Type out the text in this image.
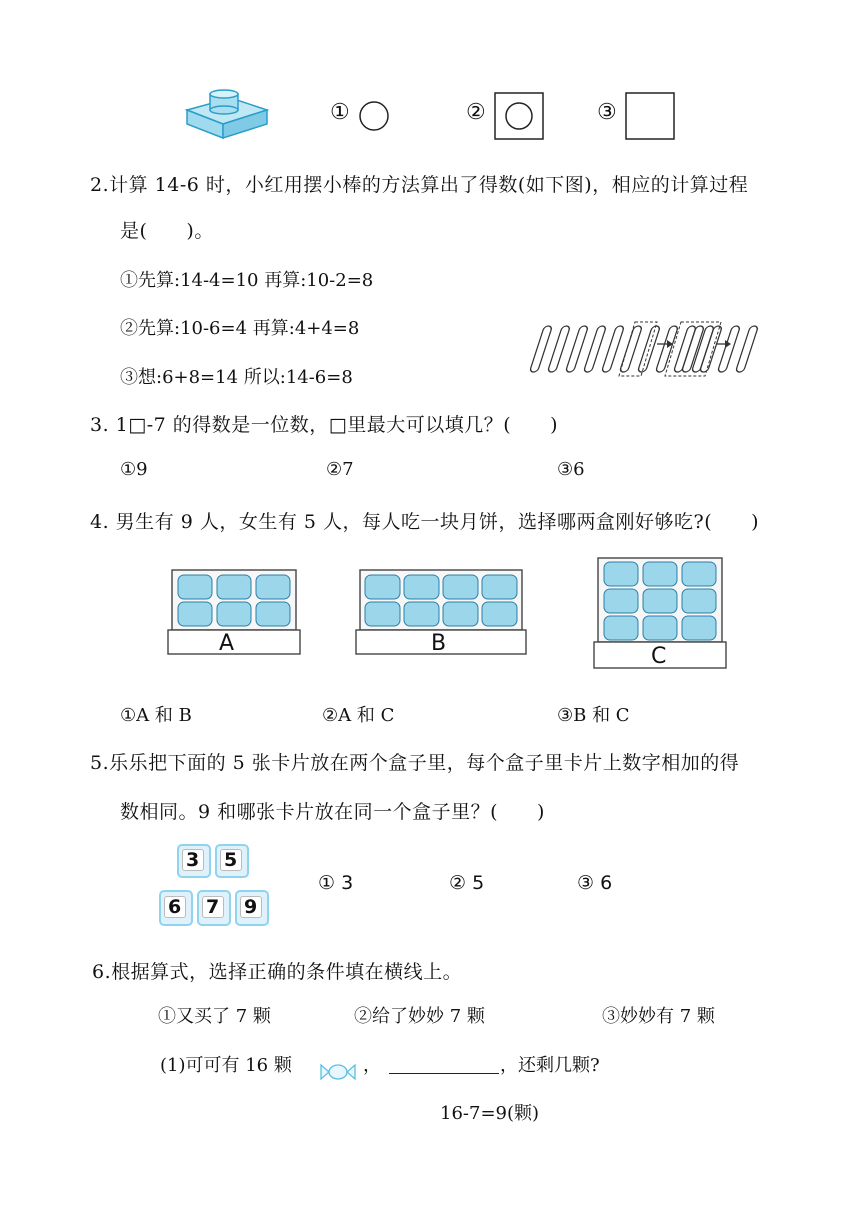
①	②	③
2.计算 14-6 时，小红用摆小棒的方法算出了得数(如下图)，相应的计算过程
是(　　)。
①先算:14-4=10 再算:10-2=8
②先算:10-6=4 再算:4+4=8
③想:6+8=14 所以:14-6=8
3. 1□-7 的得数是一位数，□里最大可以填几？(　　)
①9	②7	③6
4. 男生有 9 人，女生有 5 人，每人吃一块月饼，选择哪两盒刚好够吃?(　　)
A	B
C
①A 和 B	②A 和 C	③B 和 C
5.乐乐把下面的 5 张卡片放在两个盒子里，每个盒子里卡片上数字相加的得
数相同。9 和哪张卡片放在同一个盒子里？(　　)
3 5
6 7 9
① 3	② 5	③ 6
6.根据算式，选择正确的条件填在横线上。
①又买了 7 颗	②给了妙妙 7 颗	③妙妙有 7 颗
(1)可可有 16 颗	，	，还剩几颗?
16-7=9(颗)
